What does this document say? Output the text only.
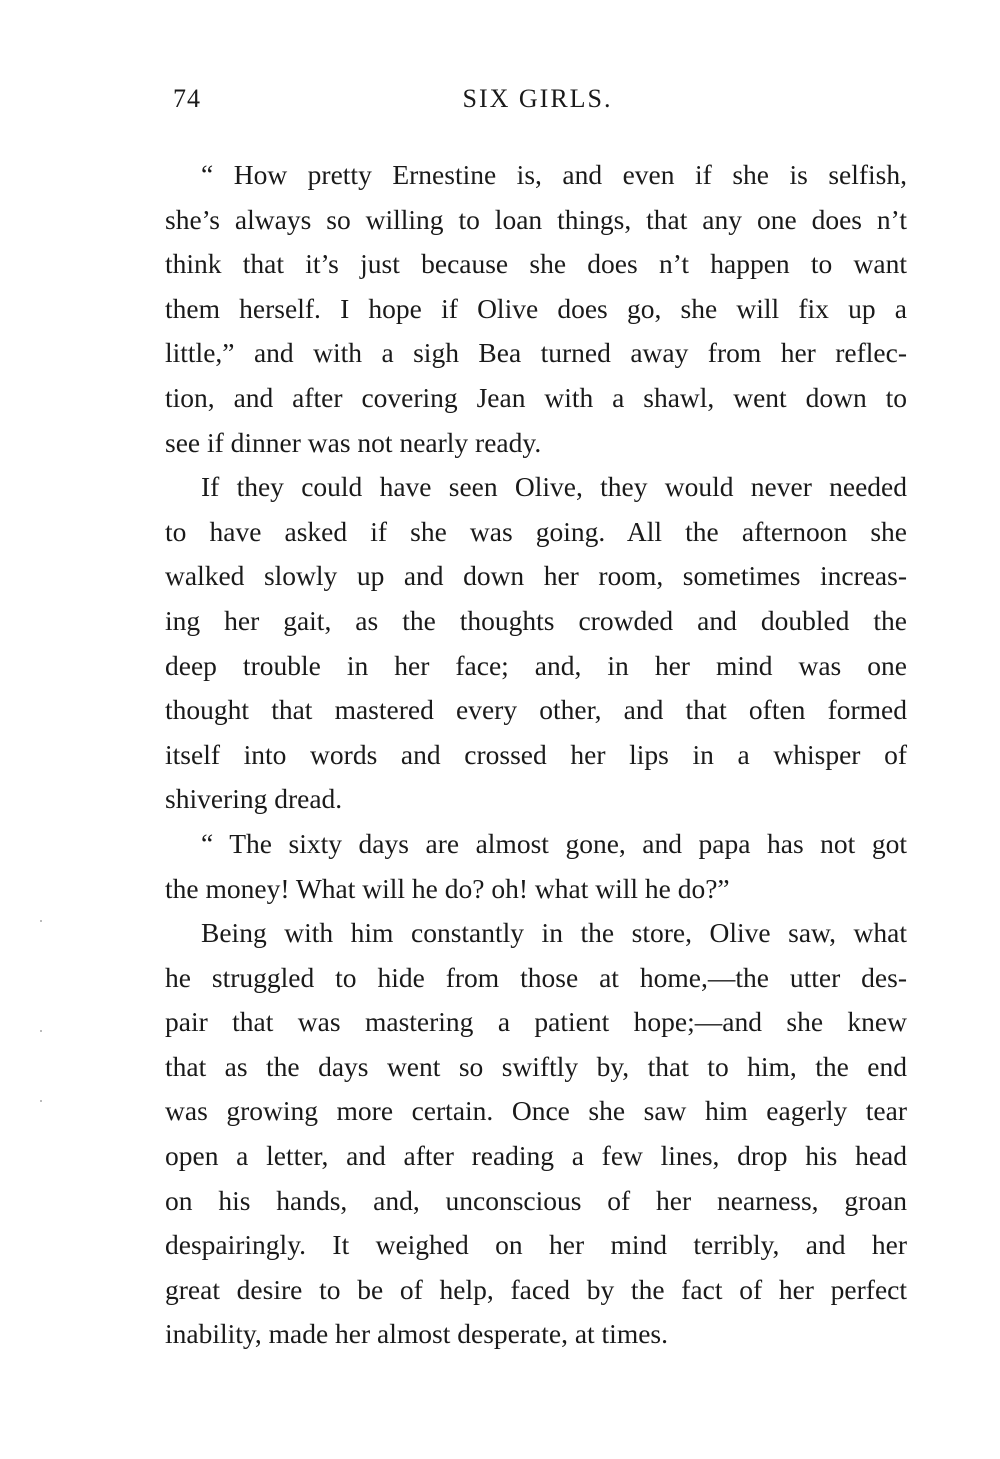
74	SIX GIRLS.

“ How pretty Ernestine is, and even if she is selfish,
she’s always so willing to loan things, that any one does n’t
think that it’s just because she does n’t happen to want
them herself. I hope if Olive does go, she will fix up a
little,” and with a sigh Bea turned away from her reflec-
tion, and after covering Jean with a shawl, went down to
see if dinner was not nearly ready.

If they could have seen Olive, they would never needed
to have asked if she was going. All the afternoon she
walked slowly up and down her room, sometimes increas-
ing her gait, as the thoughts crowded and doubled the
deep trouble in her face; and, in her mind was one
thought that mastered every other, and that often formed
itself into words and crossed her lips in a whisper of
shivering dread.

“ The sixty days are almost gone, and papa has not got
the money! What will he do? oh! what will he do?”

Being with him constantly in the store, Olive saw, what
he struggled to hide from those at home,—the utter des-
pair that was mastering a patient hope;—and she knew
that as the days went so swiftly by, that to him, the end
was growing more certain. Once she saw him eagerly tear
open a letter, and after reading a few lines, drop his head
on his hands, and, unconscious of her nearness, groan
despairingly. It weighed on her mind terribly, and her
great desire to be of help, faced by the fact of her perfect
inability, made her almost desperate, at times.
